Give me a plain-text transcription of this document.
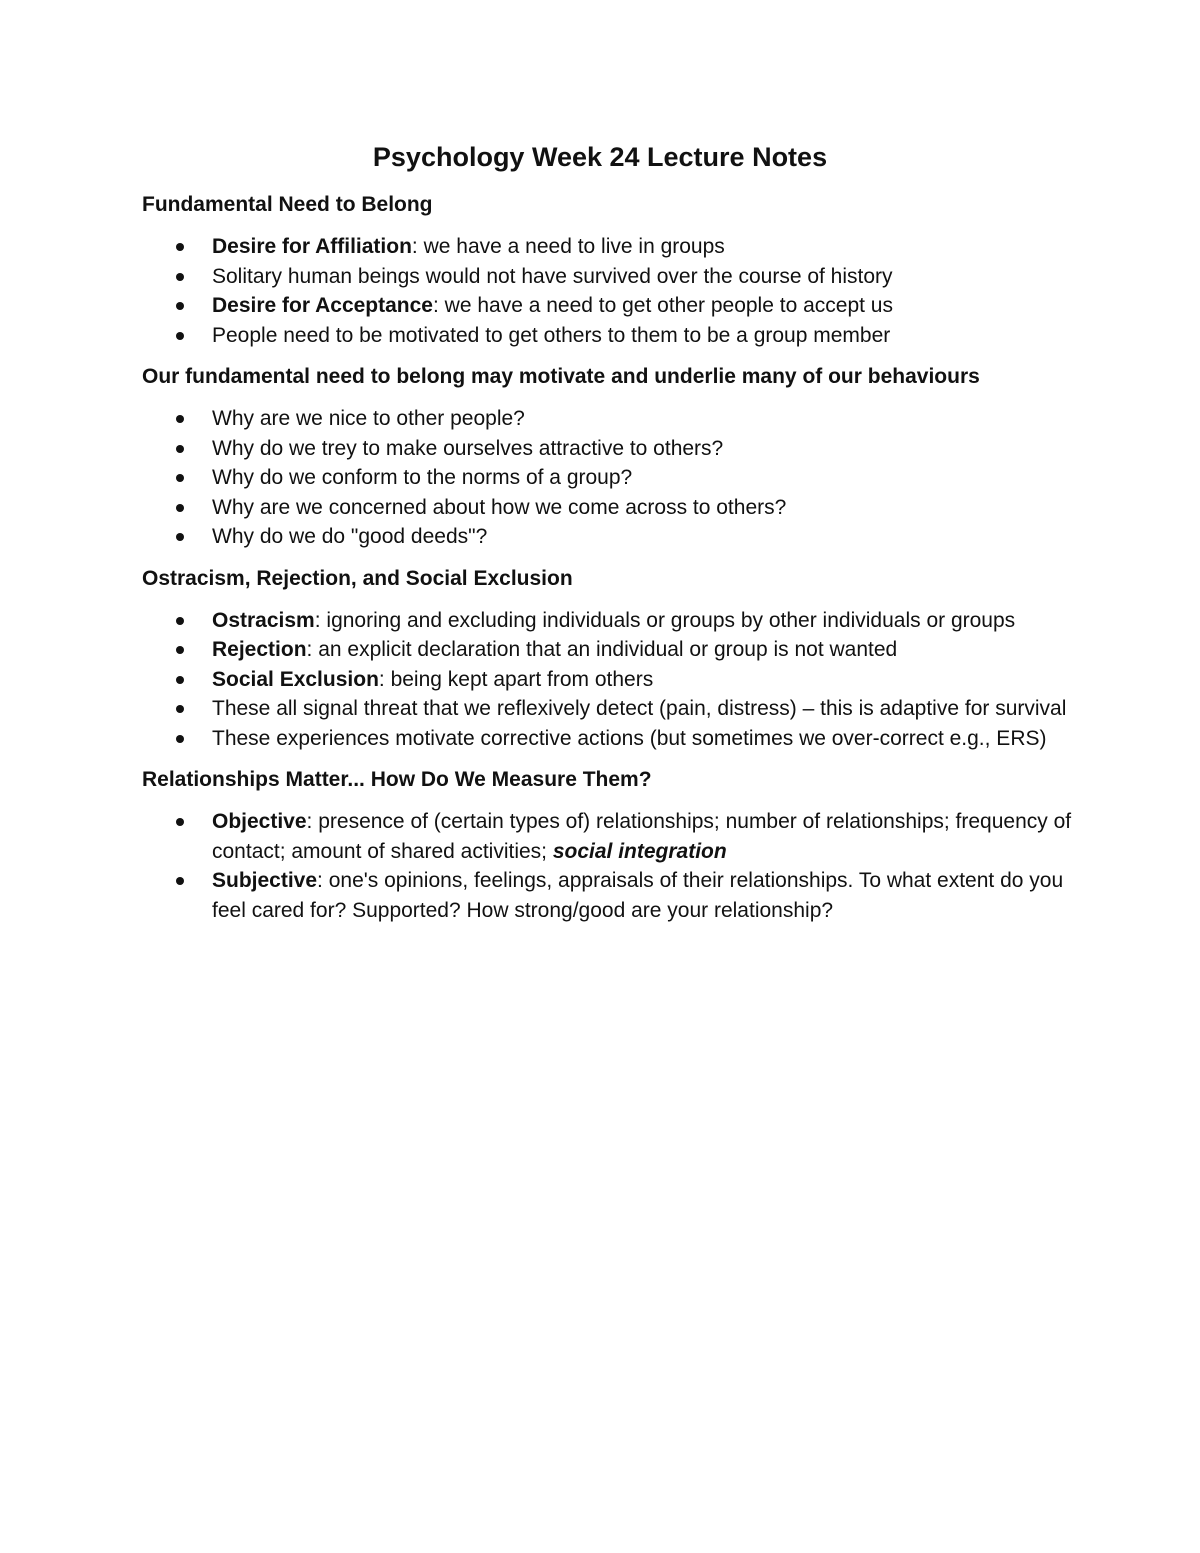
Psychology Week 24 Lecture Notes
Fundamental Need to Belong
Desire for Affiliation: we have a need to live in groups
Solitary human beings would not have survived over the course of history
Desire for Acceptance: we have a need to get other people to accept us
People need to be motivated to get others to them to be a group member
Our fundamental need to belong may motivate and underlie many of our behaviours
Why are we nice to other people?
Why do we trey to make ourselves attractive to others?
Why do we conform to the norms of a group?
Why are we concerned about how we come across to others?
Why do we do "good deeds"?
Ostracism, Rejection, and Social Exclusion
Ostracism: ignoring and excluding individuals or groups by other individuals or groups
Rejection: an explicit declaration that an individual or group is not wanted
Social Exclusion: being kept apart from others
These all signal threat that we reflexively detect (pain, distress) – this is adaptive for survival
These experiences motivate corrective actions (but sometimes we over-correct e.g., ERS)
Relationships Matter... How Do We Measure Them?
Objective: presence of (certain types of) relationships; number of relationships; frequency of contact; amount of shared activities; social integration
Subjective: one's opinions, feelings, appraisals of their relationships. To what extent do you feel cared for? Supported? How strong/good are your relationship?
